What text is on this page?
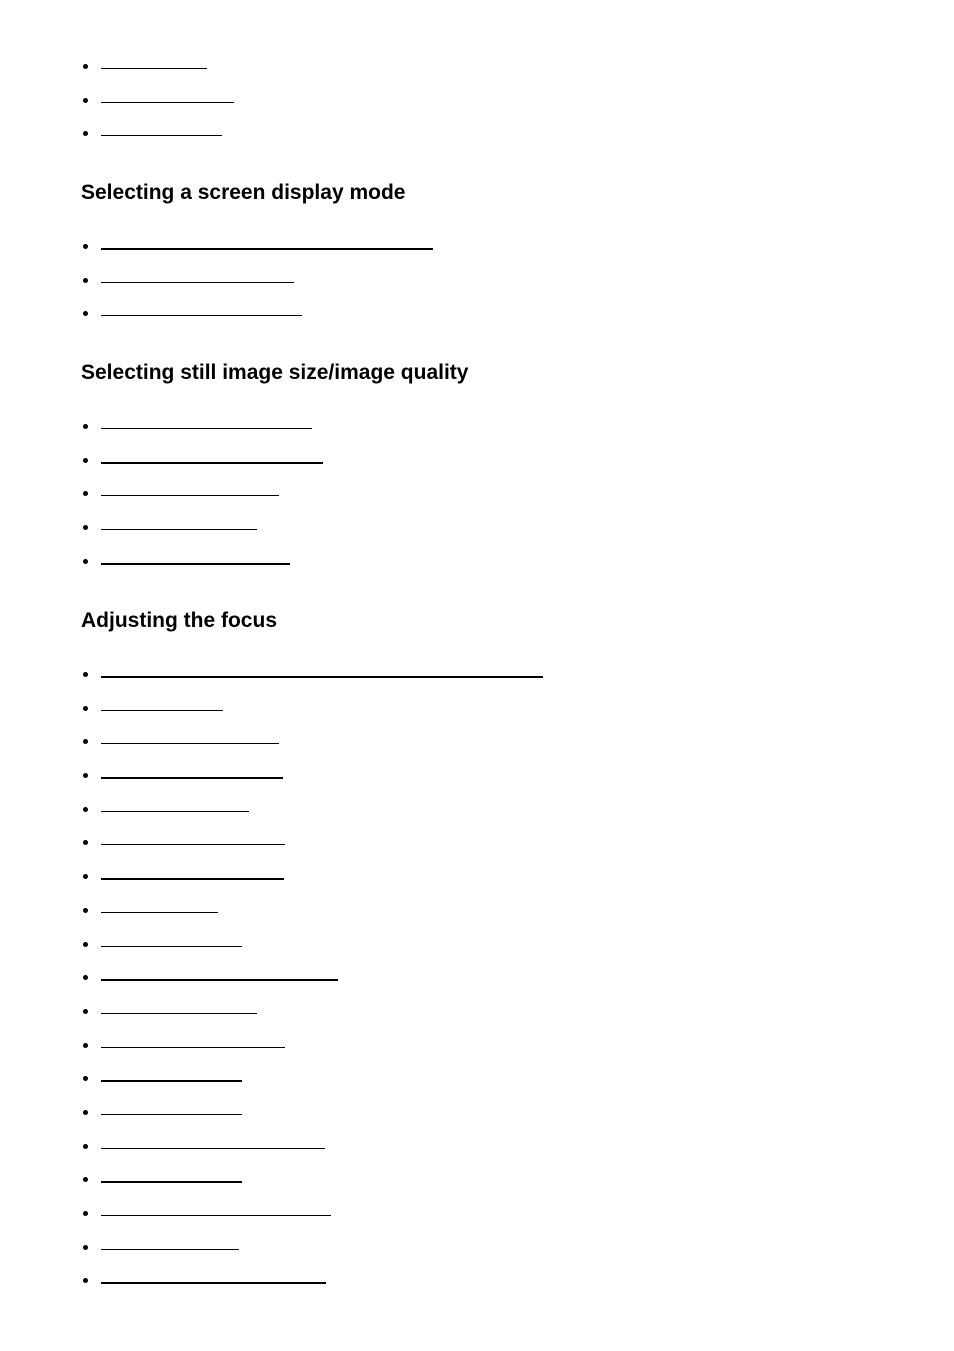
Selecting a screen display mode
Selecting still image size/image quality
Adjusting the focus
